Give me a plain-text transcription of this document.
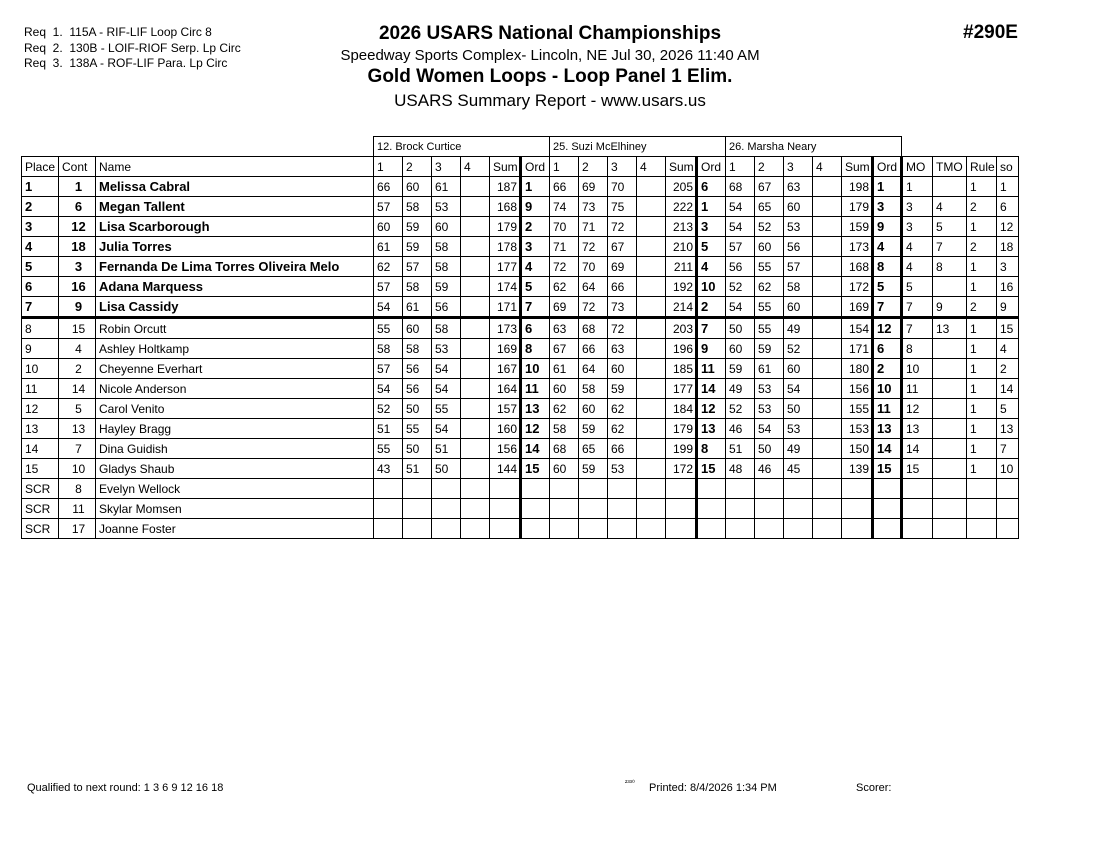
Req  1.  115A - RIF-LIF Loop Circ 8
Req  2.  130B - LOIF-RIOF Serp. Lp Circ
Req  3.  138A - ROF-LIF Para. Lp Circ
2026 USARS National Championships
Speedway Sports Complex- Lincoln, NE Jul 30, 2026 11:40 AM
Gold Women Loops - Loop Panel 1 Elim.
USARS Summary Report - www.usars.us
#290E
			12. Brock Curtice						25. Suzi McElhiney						26. Marsha Neary									
Place	Cont	Name	1	2	3	4	Sum	Ord	1	2	3	4	Sum	Ord	1	2	3	4	Sum	Ord	MO	TMO	Rule	so
1	1	Melissa Cabral	66	60	61		187	1	66	69	70		205	6	68	67	63		198	1	1		1	1
2	6	Megan Tallent	57	58	53		168	9	74	73	75		222	1	54	65	60		179	3	3	4	2	6
3	12	Lisa Scarborough	60	59	60		179	2	70	71	72		213	3	54	52	53		159	9	3	5	1	12
4	18	Julia Torres	61	59	58		178	3	71	72	67		210	5	57	60	56		173	4	4	7	2	18
5	3	Fernanda De Lima Torres Oliveira Melo	62	57	58		177	4	72	70	69		211	4	56	55	57		168	8	4	8	1	3
6	16	Adana Marquess	57	58	59		174	5	62	64	66		192	10	52	62	58		172	5	5		1	16
7	9	Lisa Cassidy	54	61	56		171	7	69	72	73		214	2	54	55	60		169	7	7	9	2	9
8	15	Robin Orcutt	55	60	58		173	6	63	68	72		203	7	50	55	49		154	12	7	13	1	15
9	4	Ashley Holtkamp	58	58	53		169	8	67	66	63		196	9	60	59	52		171	6	8		1	4
10	2	Cheyenne Everhart	57	56	54		167	10	61	64	60		185	11	59	61	60		180	2	10		1	2
11	14	Nicole Anderson	54	56	54		164	11	60	58	59		177	14	49	53	54		156	10	11		1	14
12	5	Carol Venito	52	50	55		157	13	62	60	62		184	12	52	53	50		155	11	12		1	5
13	13	Hayley Bragg	51	55	54		160	12	58	59	62		179	13	46	54	53		153	13	13		1	13
14	7	Dina Guidish	55	50	51		156	14	68	65	66		199	8	51	50	49		150	14	14		1	7
15	10	Gladys Shaub	43	51	50		144	15	60	59	53		172	15	48	46	45		139	15	15		1	10
SCR	8	Evelyn Wellock																						
SCR	11	Skylar Momsen																						
SCR	17	Joanne Foster																						
Qualified to next round: 1 3 6 9 12 16 18	²³³⁰ Printed: 8/4/2026 1:34 PM	Scorer:
